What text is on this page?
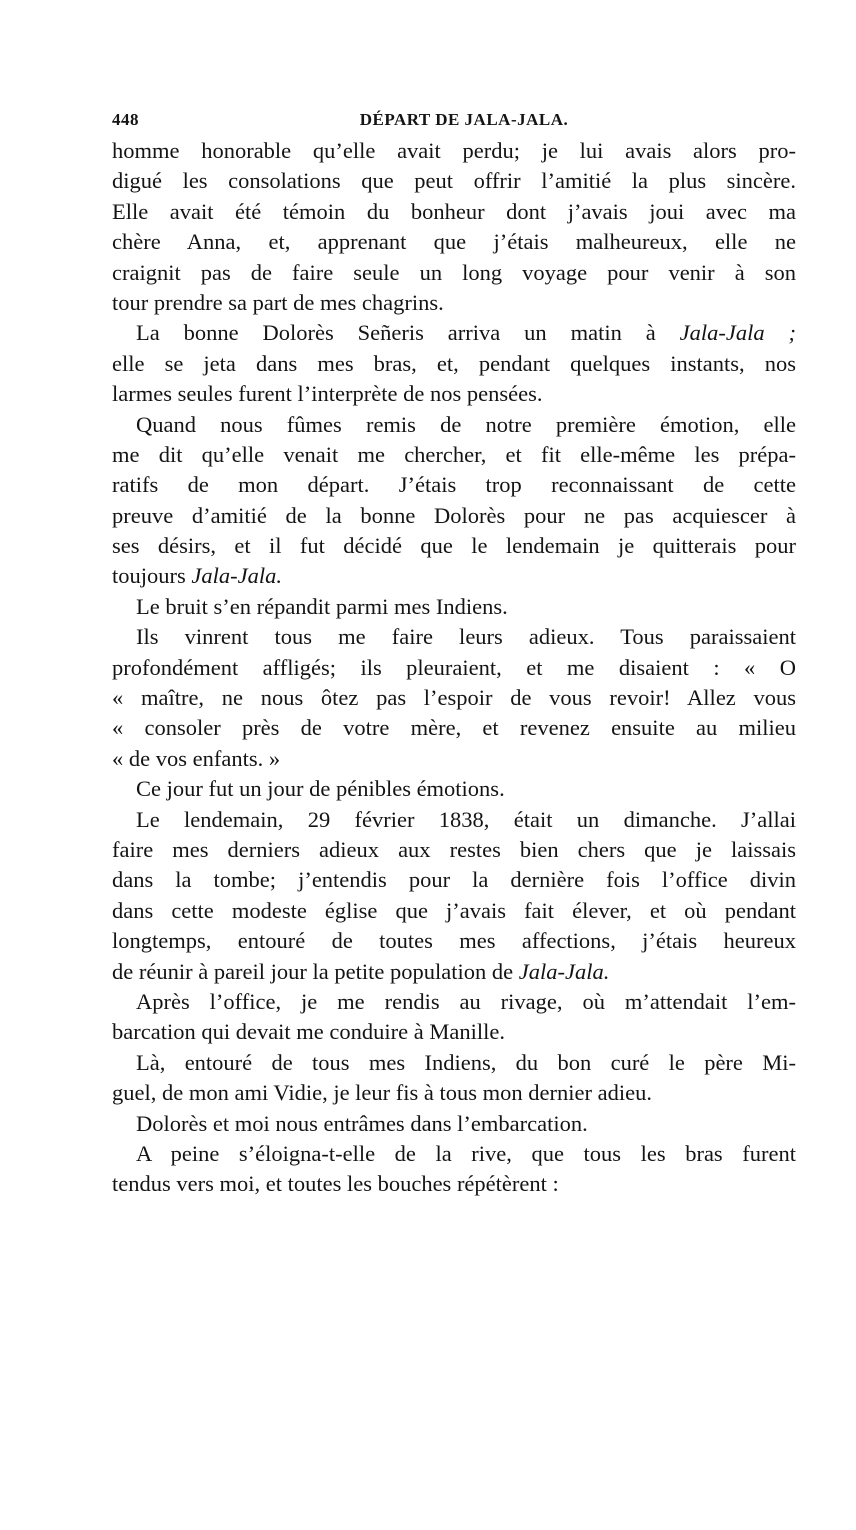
448	DÉPART DE JALA-JALA.
homme honorable qu’elle avait perdu; je lui avais alors pro-
digué les consolations que peut offrir l’amitié la plus sincère.
Elle avait été témoin du bonheur dont j’avais joui avec ma
chère Anna, et, apprenant que j’étais malheureux, elle ne
craignit pas de faire seule un long voyage pour venir à son
tour prendre sa part de mes chagrins.
La bonne Dolorès Señeris arriva un matin à Jala-Jala ;
elle se jeta dans mes bras, et, pendant quelques instants, nos
larmes seules furent l’interprète de nos pensées.
Quand nous fûmes remis de notre première émotion, elle
me dit qu’elle venait me chercher, et fit elle-même les prépa-
ratifs de mon départ. J’étais trop reconnaissant de cette
preuve d’amitié de la bonne Dolorès pour ne pas acquiescer à
ses désirs, et il fut décidé que le lendemain je quitterais pour
toujours Jala-Jala.
Le bruit s’en répandit parmi mes Indiens.
Ils vinrent tous me faire leurs adieux. Tous paraissaient
profondément affligés; ils pleuraient, et me disaient : « O
« maître, ne nous ôtez pas l’espoir de vous revoir! Allez vous
« consoler près de votre mère, et revenez ensuite au milieu
« de vos enfants. »
Ce jour fut un jour de pénibles émotions.
Le lendemain, 29 février 1838, était un dimanche. J’allai
faire mes derniers adieux aux restes bien chers que je laissais
dans la tombe; j’entendis pour la dernière fois l’office divin
dans cette modeste église que j’avais fait élever, et où pendant
longtemps, entouré de toutes mes affections, j’étais heureux
de réunir à pareil jour la petite population de Jala-Jala.
Après l’office, je me rendis au rivage, où m’attendait l’em-
barcation qui devait me conduire à Manille.
Là, entouré de tous mes Indiens, du bon curé le père Mi-
guel, de mon ami Vidie, je leur fis à tous mon dernier adieu.
Dolorès et moi nous entrâmes dans l’embarcation.
A peine s’éloigna-t-elle de la rive, que tous les bras furent
tendus vers moi, et toutes les bouches répétèrent :
